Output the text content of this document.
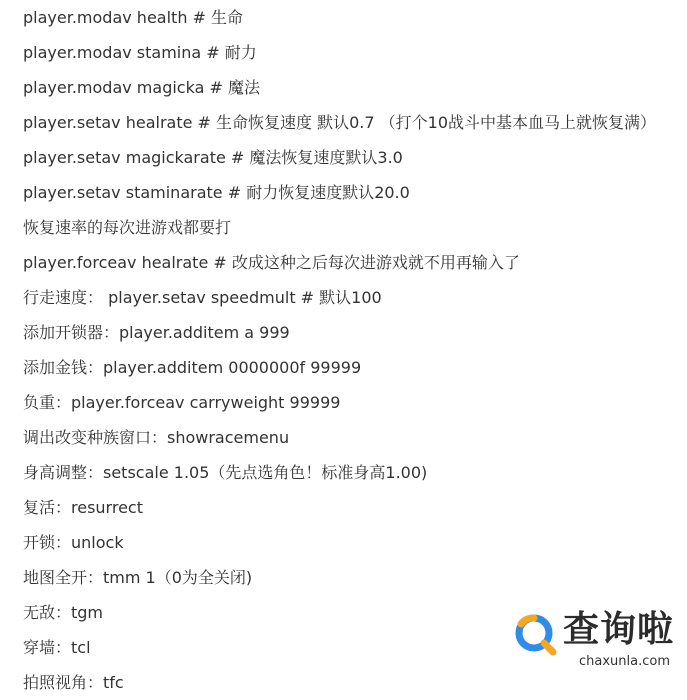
player.modav health # 生命
player.modav stamina # 耐力
player.modav magicka # 魔法
player.setav healrate # 生命恢复速度 默认0.7 （打个10战斗中基本血马上就恢复满）
player.setav magickarate # 魔法恢复速度默认3.0
player.setav staminarate # 耐力恢复速度默认20.0
恢复速率的每次进游戏都要打
player.forceav healrate # 改成这种之后每次进游戏就不用再输入了
行走速度： player.setav speedmult # 默认100
添加开锁器：player.additem a 999
添加金钱：player.additem 0000000f 99999
负重：player.forceav carryweight 99999
调出改变种族窗口：showracemenu
身高调整：setscale 1.05（先点选角色！标准身高1.00)
复活：resurrect
开锁：unlock
地图全开：tmm 1（0为全关闭)
无敌：tgm
穿墙：tcl
拍照视角：tfc
查询啦
chaxunla.com
